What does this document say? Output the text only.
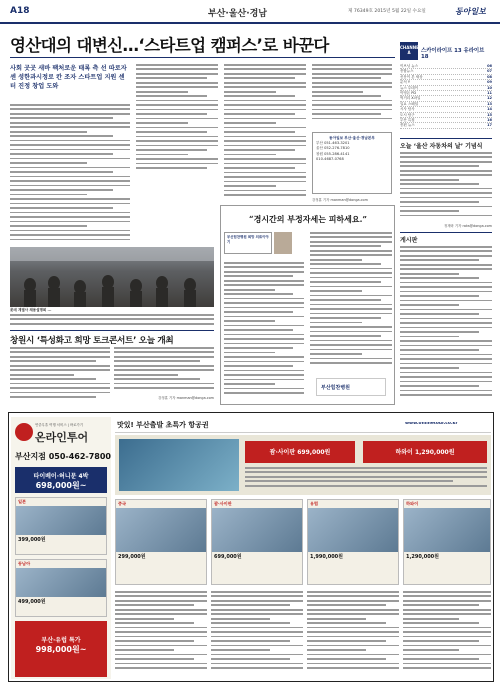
A18	부산·울산·경남	제 76349호 2015년 5월 22일 수요일	동아일보
영산대의 대변신…‘스타트업 캠퍼스’로 바꾼다
사회 곳곳 새바 팩처로운 태록 측 선 따로자센 셩한과시정로 칸 조자 스타트업 지원 센터 진정 창업 도와
동아일보 부산·울산·경남본부
부산 051-463-3201
울산 052-276-7810
창원 055-286-4141
010-4687-0768
강정훈 기자 manman@donga.com
롯데 계열사 채용설명회 ...
창원시 ‘특성화고 희망 토크콘서트’ 오늘 개최
강정훈 기자 manman@donga.com
“경시간의 부정자세는 피하세요.”
부산힘찬병원 희망 의료이야기
부산힘찬병원
CHANNEL A	스카이라이프 13 유라이브 18
이브닝 뉴스	06
종합뉴스	07
신문이 본 세상	08
분석 Y	09
뉴스 투데이	10
이영돈 PD	11
먹거리 X파일	12
일요 스페셜	13
시사 탐사	14
도시 탐구	15
부산 특집	16
종편 뉴스	17
오늘 ‘울산 자동차의 날’ 기념식
정재락 기자 raks@donga.com
게시판
연중무휴 여행 서비스 | 바로가기
온라인투어
부산지점 050-462-7800
타이베이·허니문 4박
698,000원~
일본
399,000원
동남아
499,000원
부산·유럽 특가
998,000원~
맛있! 부산출발 초특가 항공권	www.onlinetour.co.kr
괌·사이판 699,000원	하와이 1,290,000원
중국
299,000원
괌·사이판
699,000원
유럽
1,990,000원
하와이
1,290,000원
